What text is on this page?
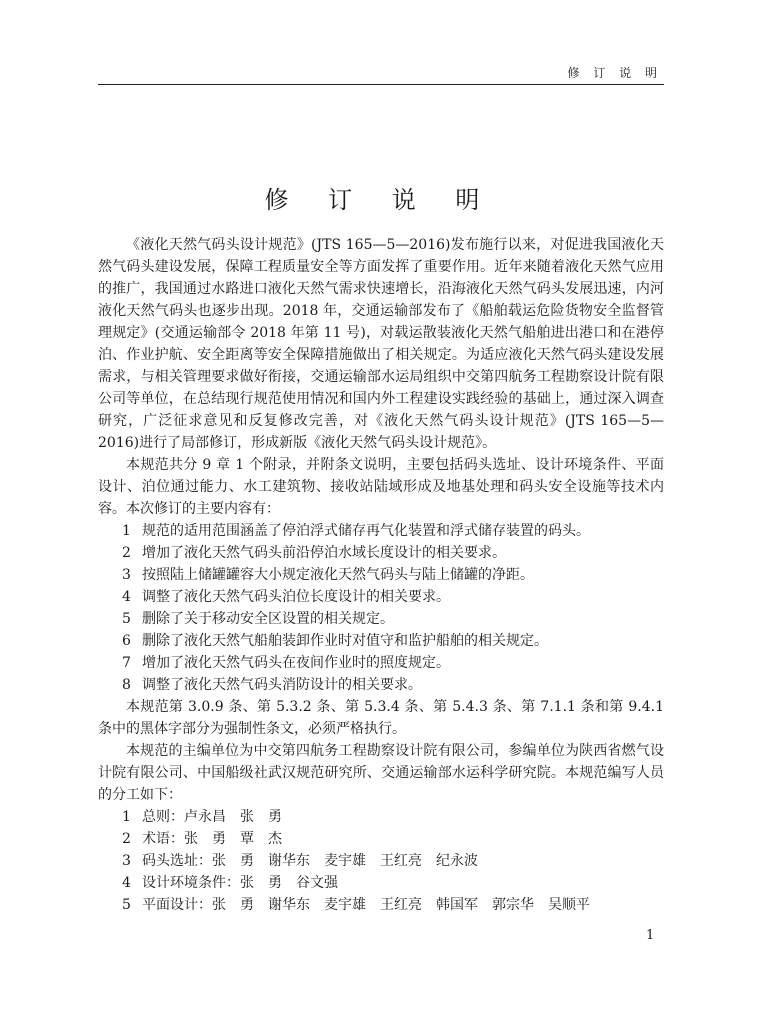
修 订 说 明
修 订 说 明

《液化天然气码头设计规范》(JTS 165—5—2016)发布施行以来，对促进我国液化天然气码头建设发展，保障工程质量安全等方面发挥了重要作用。近年来随着液化天然气应用的推广，我国通过水路进口液化天然气需求快速增长，沿海液化天然气码头发展迅速，内河液化天然气码头也逐步出现。2018 年，交通运输部发布了《船舶载运危险货物安全监督管理规定》(交通运输部令 2018 年第 11 号)，对载运散装液化天然气船舶进出港口和在港停泊、作业护航、安全距离等安全保障措施做出了相关规定。为适应液化天然气码头建设发展需求，与相关管理要求做好衔接，交通运输部水运局组织中交第四航务工程勘察设计院有限公司等单位，在总结现行规范使用情况和国内外工程建设实践经验的基础上，通过深入调查研究，广泛征求意见和反复修改完善，对《液化天然气码头设计规范》(JTS 165—5—2016)进行了局部修订，形成新版《液化天然气码头设计规范》。

本规范共分 9 章 1 个附录，并附条文说明，主要包括码头选址、设计环境条件、平面设计、泊位通过能力、水工建筑物、接收站陆域形成及地基处理和码头安全设施等技术内容。本次修订的主要内容有：

1 规范的适用范围涵盖了停泊浮式储存再气化装置和浮式储存装置的码头。

2 增加了液化天然气码头前沿停泊水域长度设计的相关要求。

3 按照陆上储罐罐容大小规定液化天然气码头与陆上储罐的净距。

4 调整了液化天然气码头泊位长度设计的相关要求。

5 删除了关于移动安全区设置的相关规定。

6 删除了液化天然气船舶装卸作业时对值守和监护船舶的相关规定。

7 增加了液化天然气码头在夜间作业时的照度规定。

8 调整了液化天然气码头消防设计的相关要求。

本规范第 3.0.9 条、第 5.3.2 条、第 5.3.4 条、第 5.4.3 条、第 7.1.1 条和第 9.4.1 条中的黑体字部分为强制性条文，必须严格执行。

本规范的主编单位为中交第四航务工程勘察设计院有限公司，参编单位为陕西省燃气设计院有限公司、中国船级社武汉规范研究所、交通运输部水运科学研究院。本规范编写人员的分工如下：

1 总则：卢永昌　张　勇

2 术语：张　勇　覃　杰

3 码头选址：张　勇　谢华东　麦宇雄　王红亮　纪永波

4 设计环境条件：张　勇　谷文强

5 平面设计：张　勇　谢华东　麦宇雄　王红亮　韩国军　郭宗华　吴顺平

1
